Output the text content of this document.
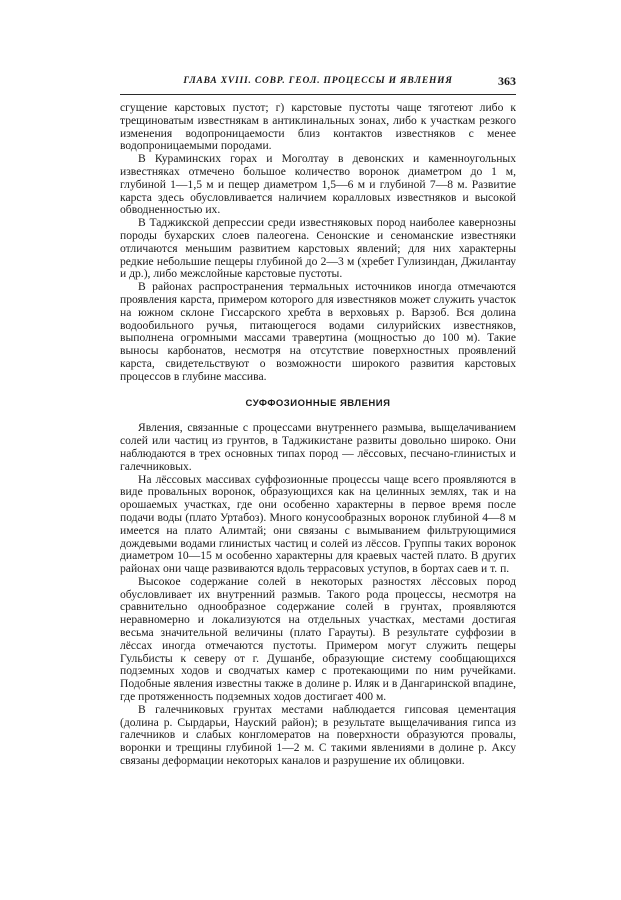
ГЛАВА XVIII. СОВР. ГЕОЛ. ПРОЦЕССЫ И ЯВЛЕНИЯ	363

сгущение карстовых пустот; г) карстовые пустоты чаще тяготеют либо к трещиноватым известнякам в антиклинальных зонах, либо к участкам резкого изменения водопроницаемости близ контактов известняков с менее водопроницаемыми породами.

В Кураминских горах и Моголтау в девонских и каменноугольных известняках отмечено большое количество воронок диаметром до 1 м, глубиной 1—1,5 м и пещер диаметром 1,5—6 м и глубиной 7—8 м. Развитие карста здесь обусловливается наличием коралловых известняков и высокой обводненностью их.

В Таджикской депрессии среди известняковых пород наиболее кавернозны породы бухарских слоев палеогена. Сенонские и сеноманские известняки отличаются меньшим развитием карстовых явлений; для них характерны редкие небольшие пещеры глубиной до 2—3 м (хребет Гулизиндан, Джилантау и др.), либо межслойные карстовые пустоты.

В районах распространения термальных источников иногда отмечаются проявления карста, примером которого для известняков может служить участок на южном склоне Гиссарского хребта в верховьях р. Варзоб. Вся долина водообильного ручья, питающегося водами силурийских известняков, выполнена огромными массами травертина (мощностью до 100 м). Такие выносы карбонатов, несмотря на отсутствие поверхностных проявлений карста, свидетельствуют о возможности широкого развития карстовых процессов в глубине массива.

СУФФОЗИОННЫЕ ЯВЛЕНИЯ

Явления, связанные с процессами внутреннего размыва, выщелачиванием солей или частиц из грунтов, в Таджикистане развиты довольно широко. Они наблюдаются в трех основных типах пород — лёссовых, песчано-глинистых и галечниковых.

На лёссовых массивах суффозионные процессы чаще всего проявляются в виде провальных воронок, образующихся как на целинных землях, так и на орошаемых участках, где они особенно характерны в первое время после подачи воды (плато Уртабоз). Много конусообразных воронок глубиной 4—8 м имеется на плато Алимтай; они связаны с вымыванием фильтрующимися дождевыми водами глинистых частиц и солей из лёссов. Группы таких воронок диаметром 10—15 м особенно характерны для краевых частей плато. В других районах они чаще развиваются вдоль террасовых уступов, в бортах саев и т. п.

Высокое содержание солей в некоторых разностях лёссовых пород обусловливает их внутренний размыв. Такого рода процессы, несмотря на сравнительно однообразное содержание солей в грунтах, проявляются неравномерно и локализуются на отдельных участках, местами достигая весьма значительной величины (плато Гарауты). В результате суффозии в лёссах иногда отмечаются пустоты. Примером могут служить пещеры Гульбисты к северу от г. Душанбе, образующие систему сообщающихся подземных ходов и сводчатых камер с протекающими по ним ручейками. Подобные явления известны также в долине р. Иляк и в Дангаринской впадине, где протяженность подземных ходов достигает 400 м.

В галечниковых грунтах местами наблюдается гипсовая цементация (долина р. Сырдарьи, Науский район); в результате выщелачивания гипса из галечников и слабых конгломератов на поверхности образуются провалы, воронки и трещины глубиной 1—2 м. С такими явлениями в долине р. Аксу связаны деформации некоторых каналов и разрушение их облицовки.
